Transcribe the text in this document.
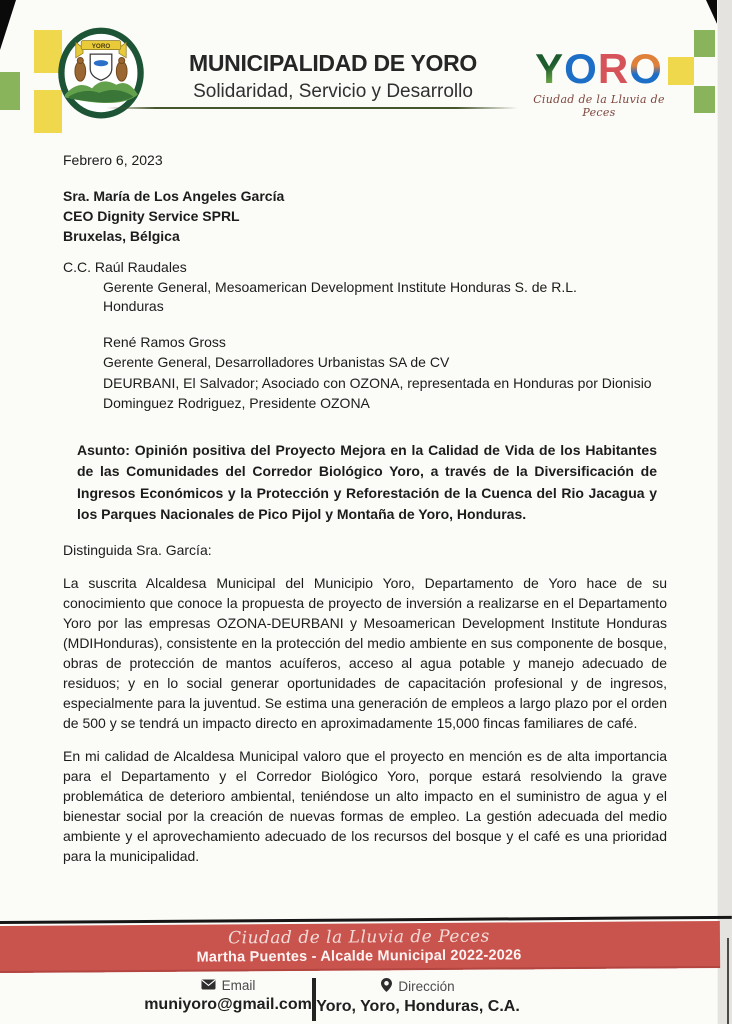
YORO
MUNICIPALIDAD DE YORO
Solidaridad, Servicio y Desarrollo	YORO
Ciudad de la Lluvia de Peces
Febrero 6, 2023
Sra. María de Los Angeles García
CEO Dignity Service SPRL
Bruxelas, Bélgica
C.C. Raúl Raudales
Gerente General, Mesoamerican Development Institute Honduras S. de R.L.
Honduras
René Ramos Gross
Gerente General, Desarrolladores Urbanistas SA de CV
DEURBANI, El Salvador; Asociado con OZONA, representada en Honduras por Dionisio
Dominguez Rodriguez, Presidente OZONA
Asunto: Opinión positiva del Proyecto Mejora en la Calidad de Vida de los Habitantes de las Comunidades del Corredor Biológico Yoro, a través de la Diversificación de Ingresos Económicos y la Protección y Reforestación de la Cuenca del Rio Jacagua y los Parques Nacionales de Pico Pijol y Montaña de Yoro, Honduras.
Distinguida Sra. García:
La suscrita Alcaldesa Municipal del Municipio Yoro, Departamento de Yoro hace de su conocimiento que conoce la propuesta de proyecto de inversión a realizarse en el Departamento Yoro por las empresas OZONA-DEURBANI y Mesoamerican Development Institute Honduras (MDIHonduras), consistente en la protección del medio ambiente en sus componente de bosque, obras de protección de mantos acuíferos, acceso al agua potable y manejo adecuado de residuos; y en lo social generar oportunidades de capacitación profesional y de ingresos, especialmente para la juventud. Se estima una generación de empleos a largo plazo por el orden de 500 y se tendrá un impacto directo en aproximadamente 15,000 fincas familiares de café.
En mi calidad de Alcaldesa Municipal valoro que el proyecto en mención es de alta importancia para el Departamento y el Corredor Biológico Yoro, porque estará resolviendo la grave problemática de deterioro ambiental, teniéndose un alto impacto en el suministro de agua y el bienestar social por la creación de nuevas formas de empleo. La gestión adecuada del medio ambiente y el aprovechamiento adecuado de los recursos del bosque y el café es una prioridad para la municipalidad.
Ciudad de la Lluvia de Peces
Martha Puentes - Alcalde Municipal 2022-2026
Email
muniyoro@gmail.com
Dirección
Yoro, Yoro, Honduras, C.A.
